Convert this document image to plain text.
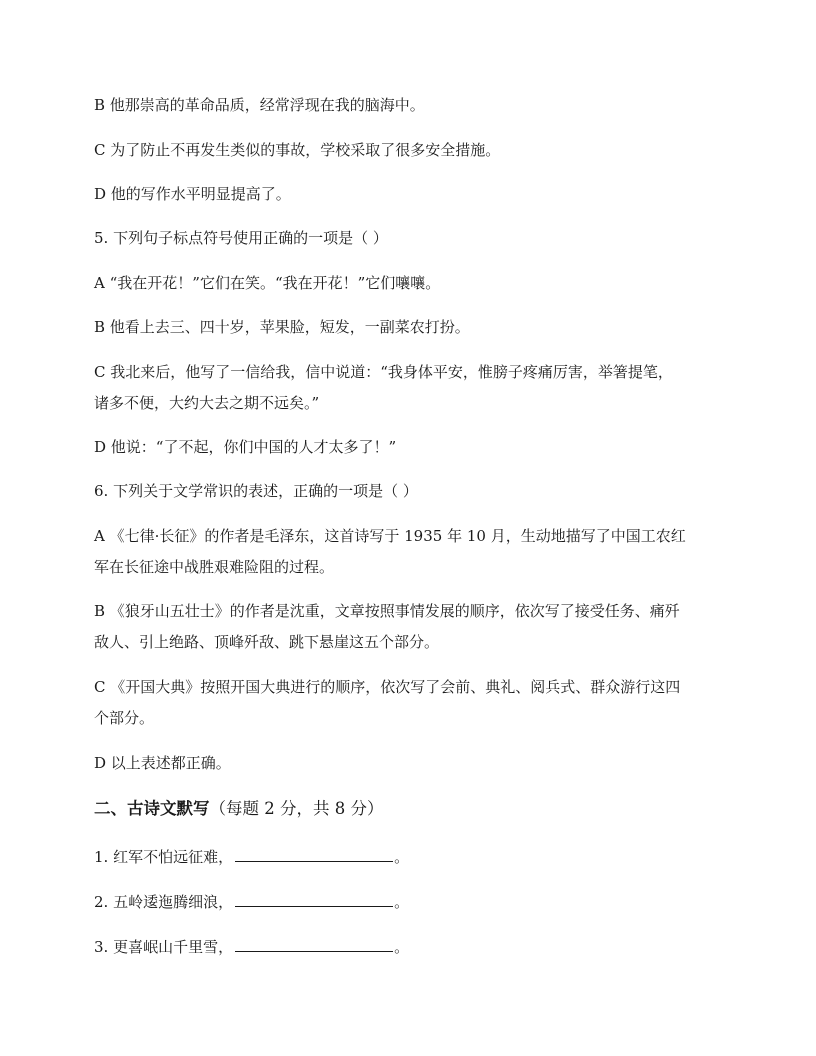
B 他那崇高的革命品质，经常浮现在我的脑海中。
C 为了防止不再发生类似的事故，学校采取了很多安全措施。
D 他的写作水平明显提高了。
5. 下列句子标点符号使用正确的一项是（ ）
A “我在开花！”它们在笑。“我在开花！”它们嚷嚷。
B 他看上去三、四十岁，苹果脸，短发，一副菜农打扮。
C 我北来后，他写了一信给我，信中说道：“我身体平安，惟膀子疼痛厉害，举箸提笔，
诸多不便，大约大去之期不远矣。”
D 他说：“了不起，你们中国的人才太多了！”
6. 下列关于文学常识的表述，正确的一项是（ ）
A 《七律·长征》的作者是毛泽东，这首诗写于 1935 年 10 月，生动地描写了中国工农红
军在长征途中战胜艰难险阻的过程。
B 《狼牙山五壮士》的作者是沈重，文章按照事情发展的顺序，依次写了接受任务、痛歼
敌人、引上绝路、顶峰歼敌、跳下悬崖这五个部分。
C 《开国大典》按照开国大典进行的顺序，依次写了会前、典礼、阅兵式、群众游行这四
个部分。
D 以上表述都正确。
二、古诗文默写（每题 2 分，共 8 分）
1. 红军不怕远征难，	。
2. 五岭逶迤腾细浪，	。
3. 更喜岷山千里雪，	。
